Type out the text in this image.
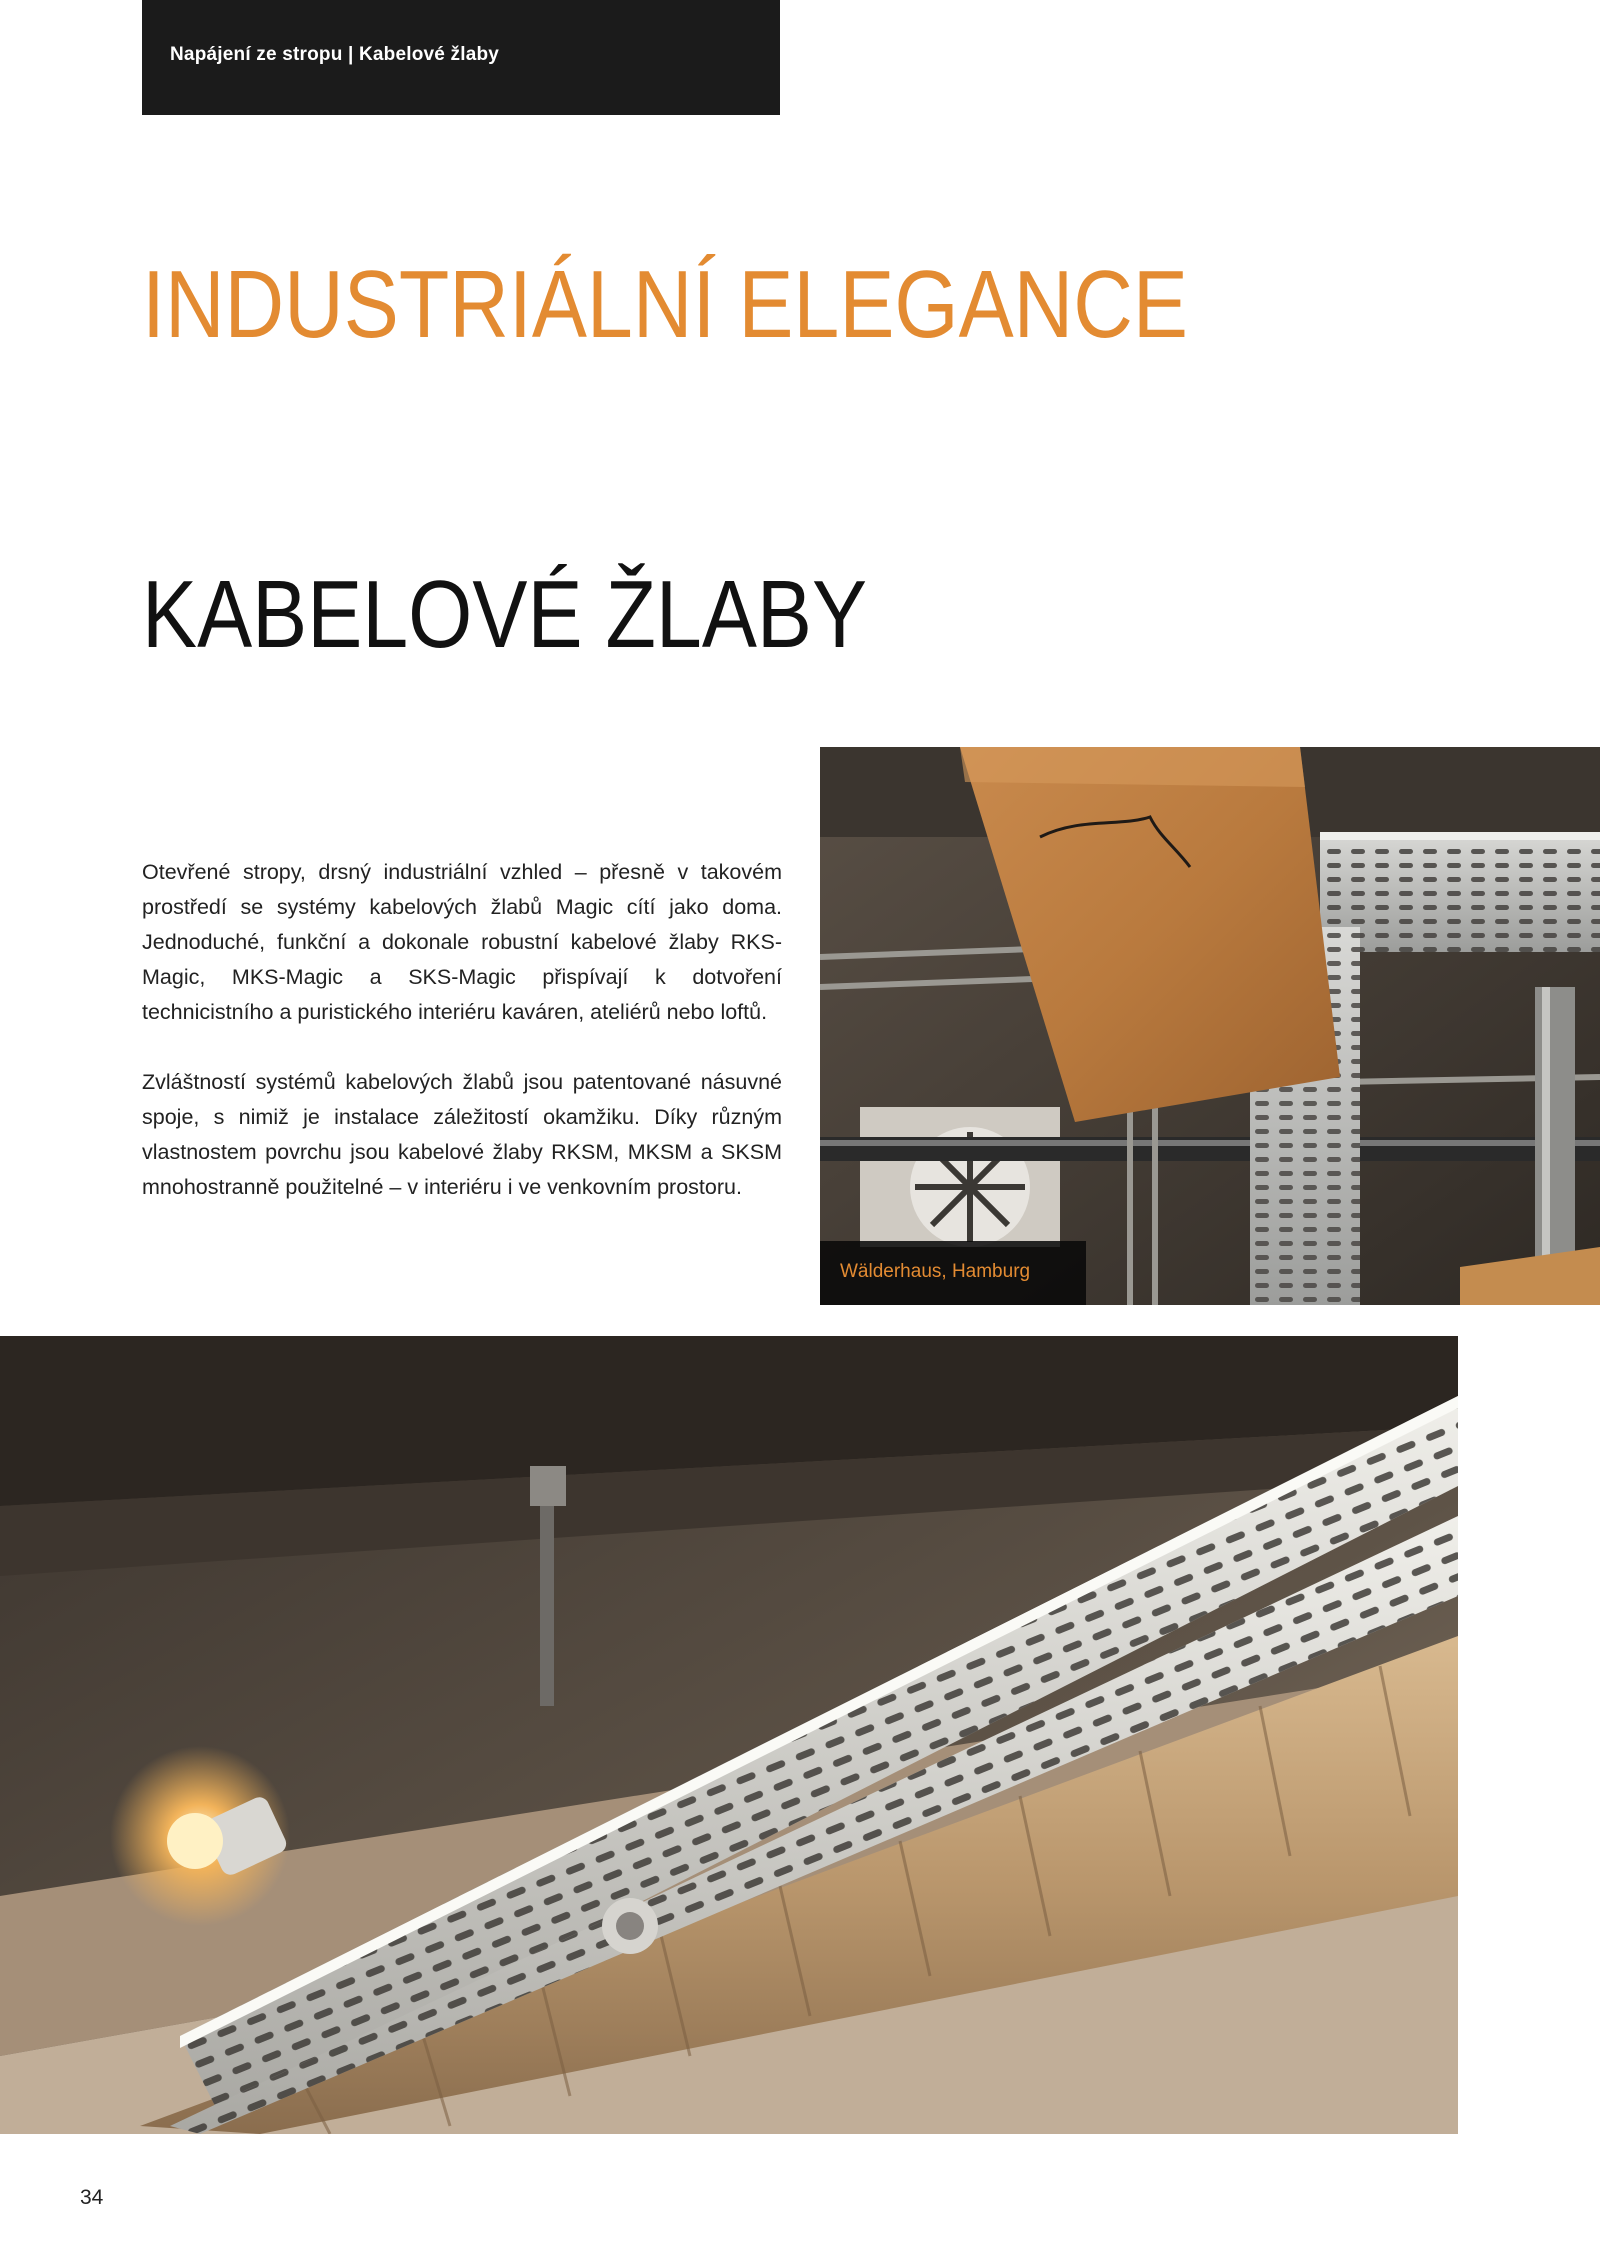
Napájení ze stropu | Kabelové žlaby
INDUSTRIÁLNÍ ELEGANCE
KABELOVÉ ŽLABY

Otevřené stropy, drsný industriální vzhled – přesně v takovém prostředí se systémy kabelových žlabů Magic cítí jako doma. Jednoduché, funkční a dokonale robustní kabelové žlaby RKS-Magic, MKS-Magic a SKS-Magic přispívají k dotvoření technicistního a puristického interiéru kaváren, ateliérů nebo loftů.

Zvláštností systémů kabelových žlabů jsou patentované násuvné spoje, s nimiž je instalace záležitostí okamžiku. Díky různým vlastnostem povrchu jsou kabelové žlaby RKSM, MKSM a SKSM mnohostranně použitelné – v interiéru i ve venkovním prostoru.

Wälderhaus, Hamburg
34
